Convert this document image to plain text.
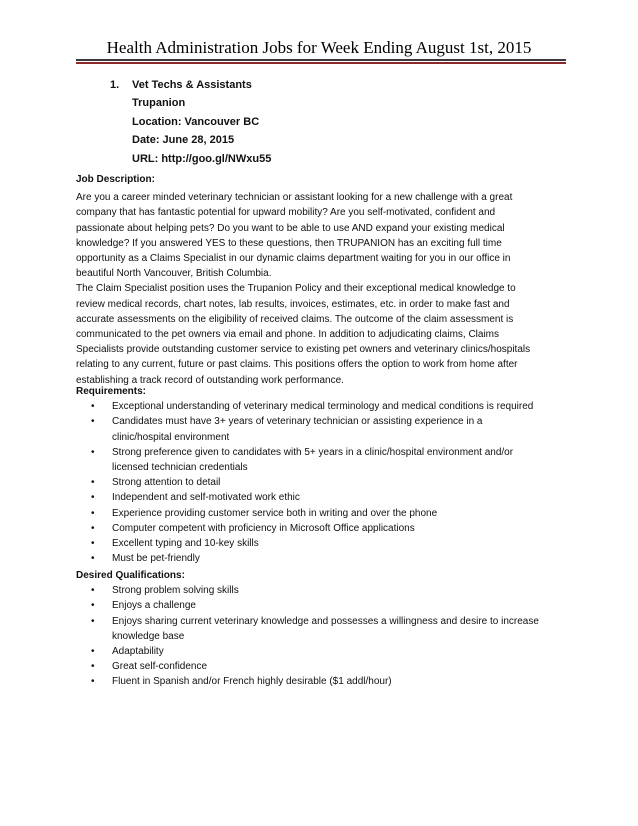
Health Administration Jobs for Week Ending August 1st, 2015
1. Vet Techs & Assistants
Trupanion
Location: Vancouver BC
Date: June 28, 2015
URL: http://goo.gl/NWxu55
Job Description:
Are you a career minded veterinary technician or assistant looking for a new challenge with a great
company that has fantastic potential for upward mobility? Are you self-motivated, confident and
passionate about helping pets? Do you want to be able to use AND expand your existing medical
knowledge? If you answered YES to these questions, then TRUPANION has an exciting full time
opportunity as a Claims Specialist in our dynamic claims department waiting for you in our office in
beautiful North Vancouver, British Columbia.
The Claim Specialist position uses the Trupanion Policy and their exceptional medical knowledge to
review medical records, chart notes, lab results, invoices, estimates, etc. in order to make fast and
accurate assessments on the eligibility of received claims. The outcome of the claim assessment is
communicated to the pet owners via email and phone. In addition to adjudicating claims, Claims
Specialists provide outstanding customer service to existing pet owners and veterinary clinics/hospitals
relating to any current, future or past claims. This positions offers the option to work from home after
establishing a track record of outstanding work performance.
Requirements:
• Exceptional understanding of veterinary medical terminology and medical conditions is required
• Candidates must have 3+ years of veterinary technician or assisting experience in a
clinic/hospital environment
• Strong preference given to candidates with 5+ years in a clinic/hospital environment and/or
licensed technician credentials
• Strong attention to detail
• Independent and self-motivated work ethic
• Experience providing customer service both in writing and over the phone
• Computer competent with proficiency in Microsoft Office applications
• Excellent typing and 10-key skills
• Must be pet-friendly
Desired Qualifications:
• Strong problem solving skills
• Enjoys a challenge
• Enjoys sharing current veterinary knowledge and possesses a willingness and desire to increase
knowledge base
• Adaptability
• Great self-confidence
• Fluent in Spanish and/or French highly desirable ($1 addl/hour)
